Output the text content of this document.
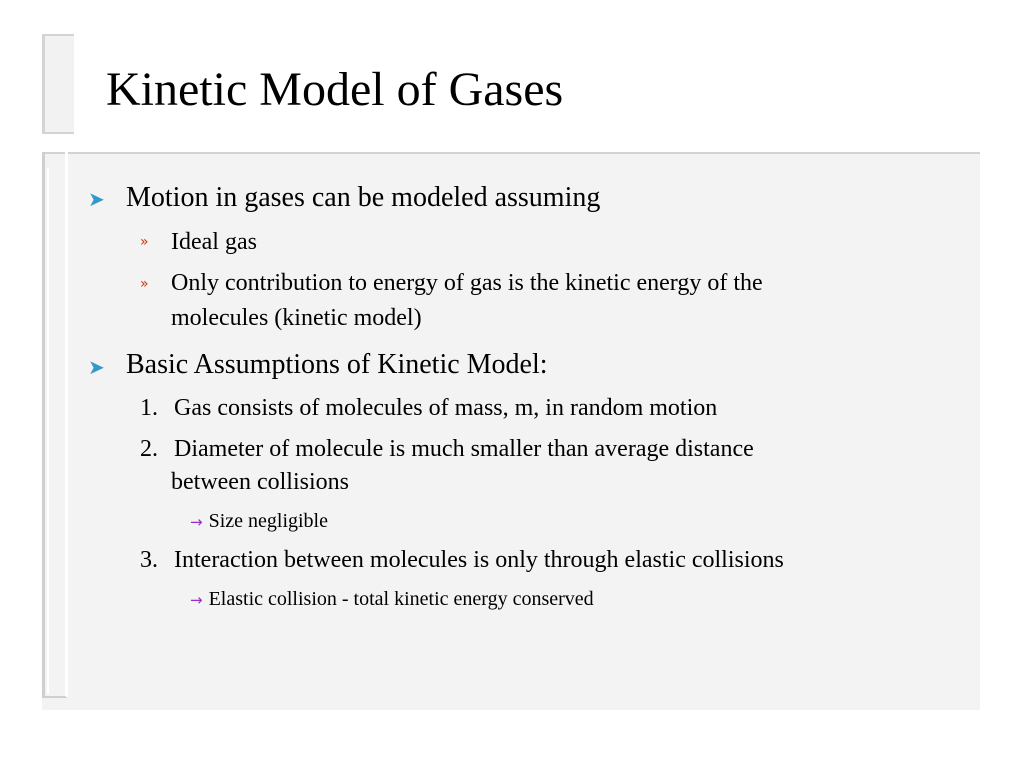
Kinetic Model of Gases
➤ Motion in gases can be modeled assuming
» Ideal gas
» Only contribution to energy of gas is the kinetic energy of the
molecules (kinetic model)
➤ Basic Assumptions of Kinetic Model:
1. Gas consists of molecules of mass, m, in random motion
2. Diameter of molecule is much smaller than average distance
between collisions
→ Size negligible
3. Interaction between molecules is only through elastic collisions
→ Elastic collision - total kinetic energy conserved
